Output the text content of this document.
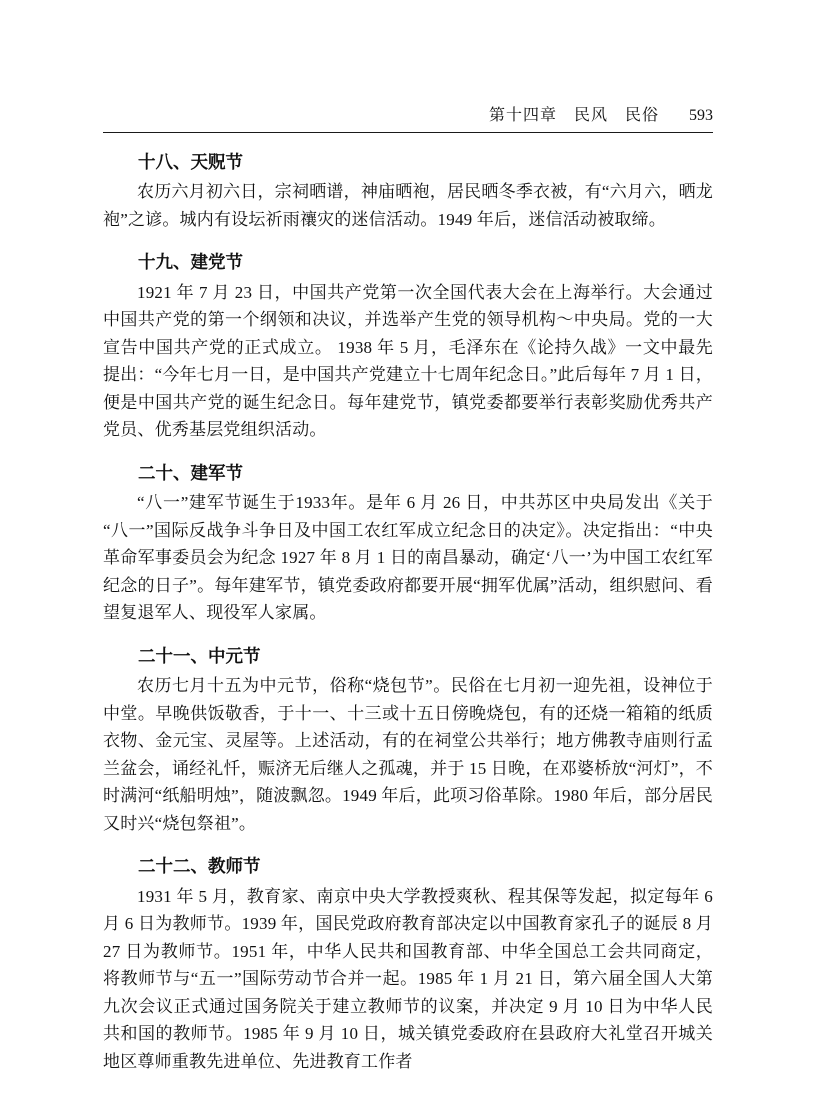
第十四章　民风　民俗 593
十八、天贶节

农历六月初六日，宗祠晒谱，神庙晒袍，居民晒冬季衣被，有“六月六，晒龙袍”之谚。城内有设坛祈雨禳灾的迷信活动。1949 年后，迷信活动被取缔。

十九、建党节

1921 年 7 月 23 日，中国共产党第一次全国代表大会在上海举行。大会通过中国共产党的第一个纲领和决议，并选举产生党的领导机构～中央局。党的一大宣告中国共产党的正式成立。 1938 年 5 月，毛泽东在《论持久战》一文中最先提出：“今年七月一日，是中国共产党建立十七周年纪念日。”此后每年 7 月 1 日，便是中国共产党的诞生纪念日。每年建党节，镇党委都要举行表彰奖励优秀共产党员、优秀基层党组织活动。

二十、建军节

“八一”建军节诞生于1933年。是年 6 月 26 日，中共苏区中央局发出《关于“八一”国际反战争斗争日及中国工农红军成立纪念日的决定》。决定指出：“中央革命军事委员会为纪念 1927 年 8 月 1 日的南昌暴动，确定‘八一’为中国工农红军纪念的日子”。每年建军节，镇党委政府都要开展“拥军优属”活动，组织慰问、看望复退军人、现役军人家属。

二十一、中元节

农历七月十五为中元节，俗称“烧包节”。民俗在七月初一迎先祖，设神位于中堂。早晚供饭敬香，于十一、十三或十五日傍晚烧包，有的还烧一箱箱的纸质衣物、金元宝、灵屋等。上述活动，有的在祠堂公共举行；地方佛教寺庙则行孟兰盆会，诵经礼忏，赈济无后继人之孤魂，并于 15 日晚，在邓婆桥放“河灯”，不时满河“纸船明烛”，随波飘忽。1949 年后，此项习俗革除。1980 年后，部分居民又时兴“烧包祭祖”。

二十二、教师节

1931 年 5 月，教育家、南京中央大学教授爽秋、程其保等发起，拟定每年 6 月 6 日为教师节。1939 年，国民党政府教育部决定以中国教育家孔子的诞辰 8 月 27 日为教师节。1951 年，中华人民共和国教育部、中华全国总工会共同商定，将教师节与“五一”国际劳动节合并一起。1985 年 1 月 21 日，第六届全国人大第九次会议正式通过国务院关于建立教师节的议案，并决定 9 月 10 日为中华人民共和国的教师节。1985 年 9 月 10 日，城关镇党委政府在县政府大礼堂召开城关地区尊师重教先进单位、先进教育工作者
